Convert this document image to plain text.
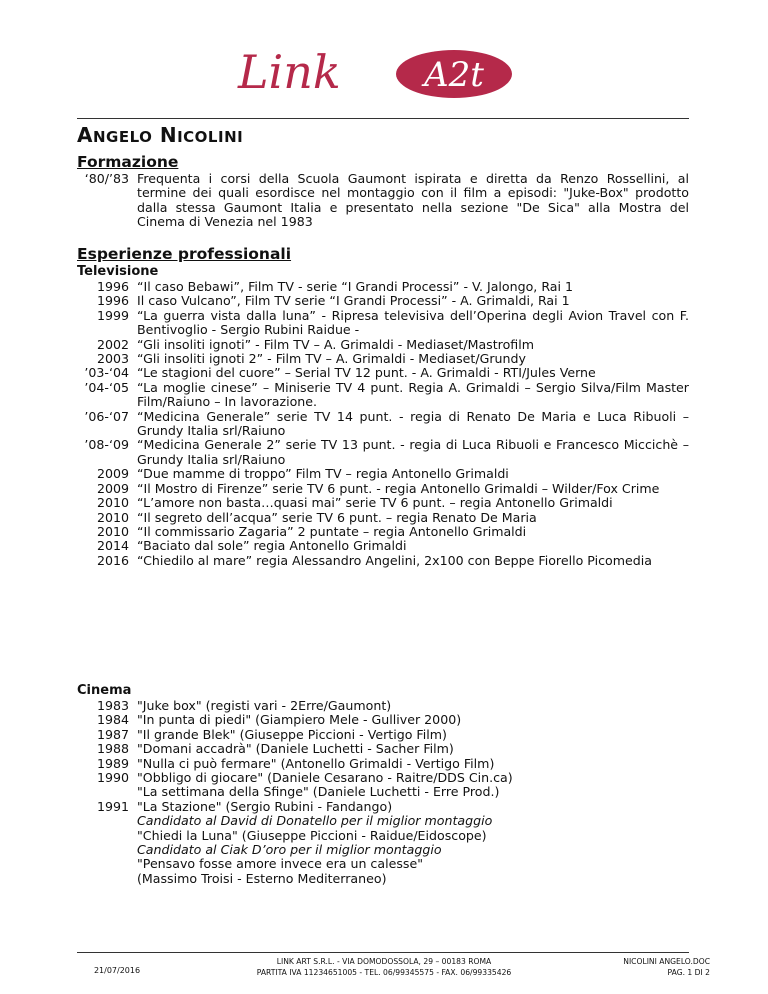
Link A2t
ANGELO NICOLINI
Formazione
‘80/’83 Frequenta i corsi della Scuola Gaumont ispirata e diretta da Renzo Rossellini, al termine dei quali esordisce nel montaggio con il film a episodi: "Juke-Box" prodotto dalla stessa Gaumont Italia e presentato nella sezione "De Sica" alla Mostra del Cinema di Venezia nel 1983
Esperienze professionali
Televisione
1996 “Il caso Bebawi”, Film TV - serie “I Grandi Processi” - V. Jalongo, Rai 1
1996 Il caso Vulcano”, Film TV serie “I Grandi Processi” - A. Grimaldi, Rai 1
1999 “La guerra vista dalla luna” - Ripresa televisiva dell’Operina degli Avion Travel con F. Bentivoglio - Sergio Rubini Raidue -
2002 “Gli insoliti ignoti” - Film TV – A. Grimaldi - Mediaset/Mastrofilm
2003 “Gli insoliti ignoti 2” - Film TV – A. Grimaldi - Mediaset/Grundy
’03-‘04 “Le stagioni del cuore” – Serial TV 12 punt. - A. Grimaldi - RTI/Jules Verne
’04-‘05 “La moglie cinese” – Miniserie TV 4 punt. Regia A. Grimaldi – Sergio Silva/Film Master Film/Raiuno – In lavorazione.
’06-‘07 “Medicina Generale” serie TV 14 punt. - regia di Renato De Maria e Luca Ribuoli – Grundy Italia srl/Raiuno
’08-‘09 “Medicina Generale 2” serie TV 13 punt. - regia di Luca Ribuoli e Francesco Miccichè – Grundy Italia srl/Raiuno
2009 “Due mamme di troppo” Film TV – regia Antonello Grimaldi
2009 “Il Mostro di Firenze” serie TV 6 punt. - regia Antonello Grimaldi – Wilder/Fox Crime
2010 “L’amore non basta…quasi mai” serie TV 6 punt. – regia Antonello Grimaldi
2010 “Il segreto dell’acqua” serie TV 6 punt. – regia Renato De Maria
2010 “Il commissario Zagaria” 2 puntate – regia Antonello Grimaldi
2014 “Baciato dal sole” regia Antonello Grimaldi
2016 “Chiedilo al mare” regia Alessandro Angelini, 2x100 con Beppe Fiorello Picomedia
Cinema
1983 "Juke box" (registi vari - 2Erre/Gaumont)
1984 "In punta di piedi" (Giampiero Mele - Gulliver 2000)
1987 "Il grande Blek" (Giuseppe Piccioni - Vertigo Film)
1988 "Domani accadrà" (Daniele Luchetti - Sacher Film)
1989 "Nulla ci può fermare" (Antonello Grimaldi - Vertigo Film)
1990 "Obbligo di giocare" (Daniele Cesarano - Raitre/DDS Cin.ca)
"La settimana della Sfinge" (Daniele Luchetti - Erre Prod.)
1991 "La Stazione" (Sergio Rubini - Fandango)
Candidato al David di Donatello per il miglior montaggio
"Chiedi la Luna" (Giuseppe Piccioni - Raidue/Eidoscope)
Candidato al Ciak D’oro per il miglior montaggio
"Pensavo fosse amore invece era un calesse"
(Massimo Troisi - Esterno Mediterraneo)
21/07/2016
LINK ART S.R.L. - VIA DOMODOSSOLA, 29 – 00183 ROMA
PARTITA IVA 11234651005 - TEL. 06/99345575 - FAX. 06/99335426
NICOLINI ANGELO.DOC
PAG. 1 DI 2
